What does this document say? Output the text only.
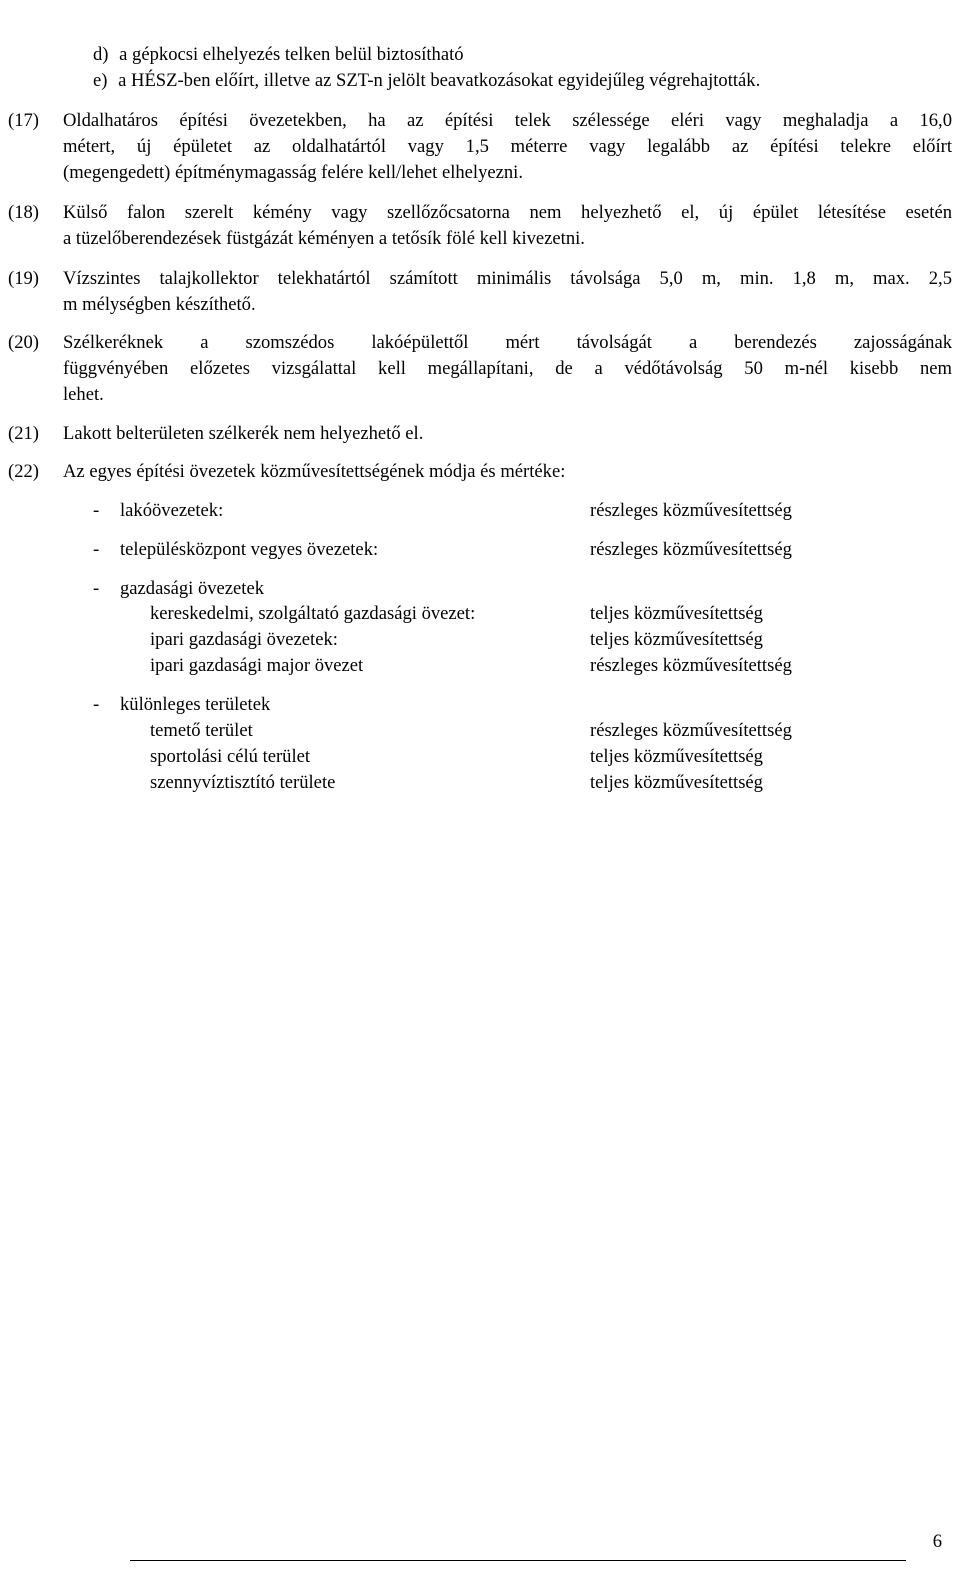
d) a gépkocsi elhelyezés telken belül biztosítható
e) a HÉSZ-ben előírt, illetve az SZT-n jelölt beavatkozásokat egyidejűleg végrehajtották.
(17) Oldalhatáros építési övezetekben, ha az építési telek szélessége eléri vagy meghaladja a 16,0
métert, új épületet az oldalhatártól vagy 1,5 méterre vagy legalább az építési telekre előírt
(megengedett) építménymagasság felére kell/lehet elhelyezni.
(18) Külső falon szerelt kémény vagy szellőzőcsatorna nem helyezhető el, új épület létesítése esetén
a tüzelőberendezések füstgázát kéményen a tetősík fölé kell kivezetni.
(19) Vízszintes talajkollektor telekhatártól számított minimális távolsága 5,0 m, min. 1,8 m, max. 2,5
m mélységben készíthető.
(20) Szélkeréknek a szomszédos lakóépülettől mért távolságát a berendezés zajosságának
függvényében előzetes vizsgálattal kell megállapítani, de a védőtávolság 50 m-nél kisebb nem
lehet.
(21) Lakott belterületen szélkerék nem helyezhető el.
(22) Az egyes építési övezetek közművesítettségének módja és mértéke:
- lakóövezetek:	részleges közművesítettség
- településközpont vegyes övezetek:	részleges közművesítettség
- gazdasági övezetek
kereskedelmi, szolgáltató gazdasági övezet:	teljes közművesítettség
ipari gazdasági övezetek:	teljes közművesítettség
ipari gazdasági major övezet	részleges közművesítettség
- különleges területek
temető terület	részleges közművesítettség
sportolási célú terület	teljes közművesítettség
szennyvíztisztító területe	teljes közművesítettség
6
